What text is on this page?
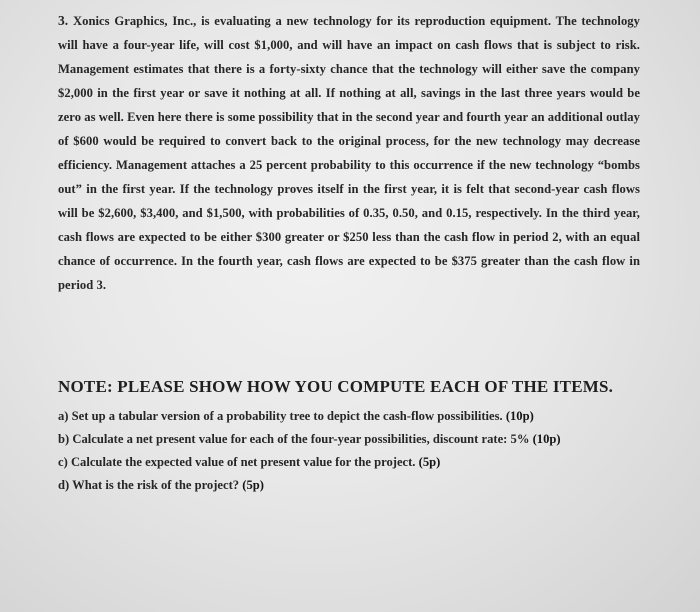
3. Xonics Graphics, Inc., is evaluating a new technology for its reproduction equipment. The technology will have a four-year life, will cost $1,000, and will have an impact on cash flows that is subject to risk. Management estimates that there is a forty-sixty chance that the technology will either save the company $2,000 in the first year or save it nothing at all. If nothing at all, savings in the last three years would be zero as well. Even here there is some possibility that in the second year and fourth year an additional outlay of $600 would be required to convert back to the original process, for the new technology may decrease efficiency. Management attaches a 25 percent probability to this occurrence if the new technology “bombs out” in the first year. If the technology proves itself in the first year, it is felt that second-year cash flows will be $2,600, $3,400, and $1,500, with probabilities of 0.35, 0.50, and 0.15, respectively. In the third year, cash flows are expected to be either $300 greater or $250 less than the cash flow in period 2, with an equal chance of occurrence. In the fourth year, cash flows are expected to be $375 greater than the cash flow in period 3.

NOTE: PLEASE SHOW HOW YOU COMPUTE EACH OF THE ITEMS.
a) Set up a tabular version of a probability tree to depict the cash-flow possibilities. (10p)
b) Calculate a net present value for each of the four-year possibilities, discount rate: 5% (10p)
c) Calculate the expected value of net present value for the project. (5p)
d) What is the risk of the project? (5p)
